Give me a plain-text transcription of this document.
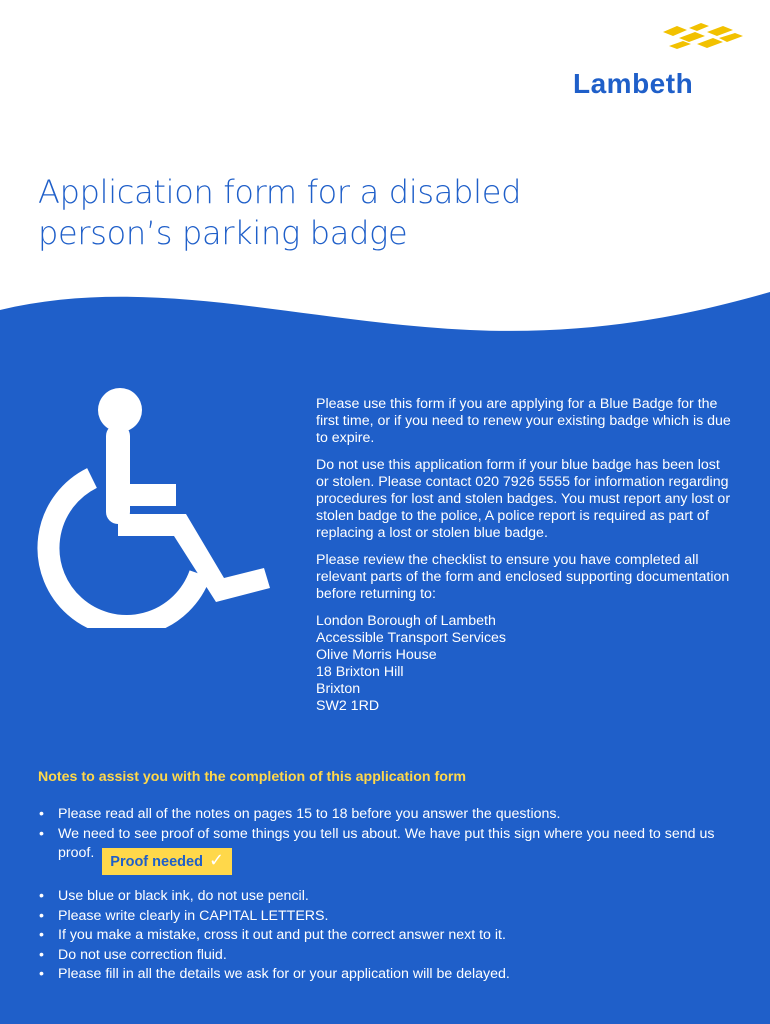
Lambeth
Application form for a disabled
person’s parking badge

Please use this form if you are applying for a Blue Badge for the first time, or if you need to renew your existing badge which is due to expire.

Do not use this application form if your blue badge has been lost or stolen. Please contact 020 7926 5555 for information regarding procedures for lost and stolen badges. You must report any lost or stolen badge to the police, A police report is required as part of replacing a lost or stolen blue badge.

Please review the checklist to ensure you have completed all relevant parts of the form and enclosed supporting documentation before returning to:

London Borough of Lambeth
Accessible Transport Services
Olive Morris House
18 Brixton Hill
Brixton
SW2 1RD
Notes to assist you with the completion of this application form
• Please read all of the notes on pages 15 to 18 before you answer the questions.
• We need to see proof of some things you tell us about. We have put this sign where you need to send us proof.Proof needed ✓
• Use blue or black ink, do not use pencil.
• Please write clearly in CAPITAL LETTERS.
• If you make a mistake, cross it out and put the correct answer next to it.
• Do not use correction fluid.
• Please fill in all the details we ask for or your application will be delayed.
